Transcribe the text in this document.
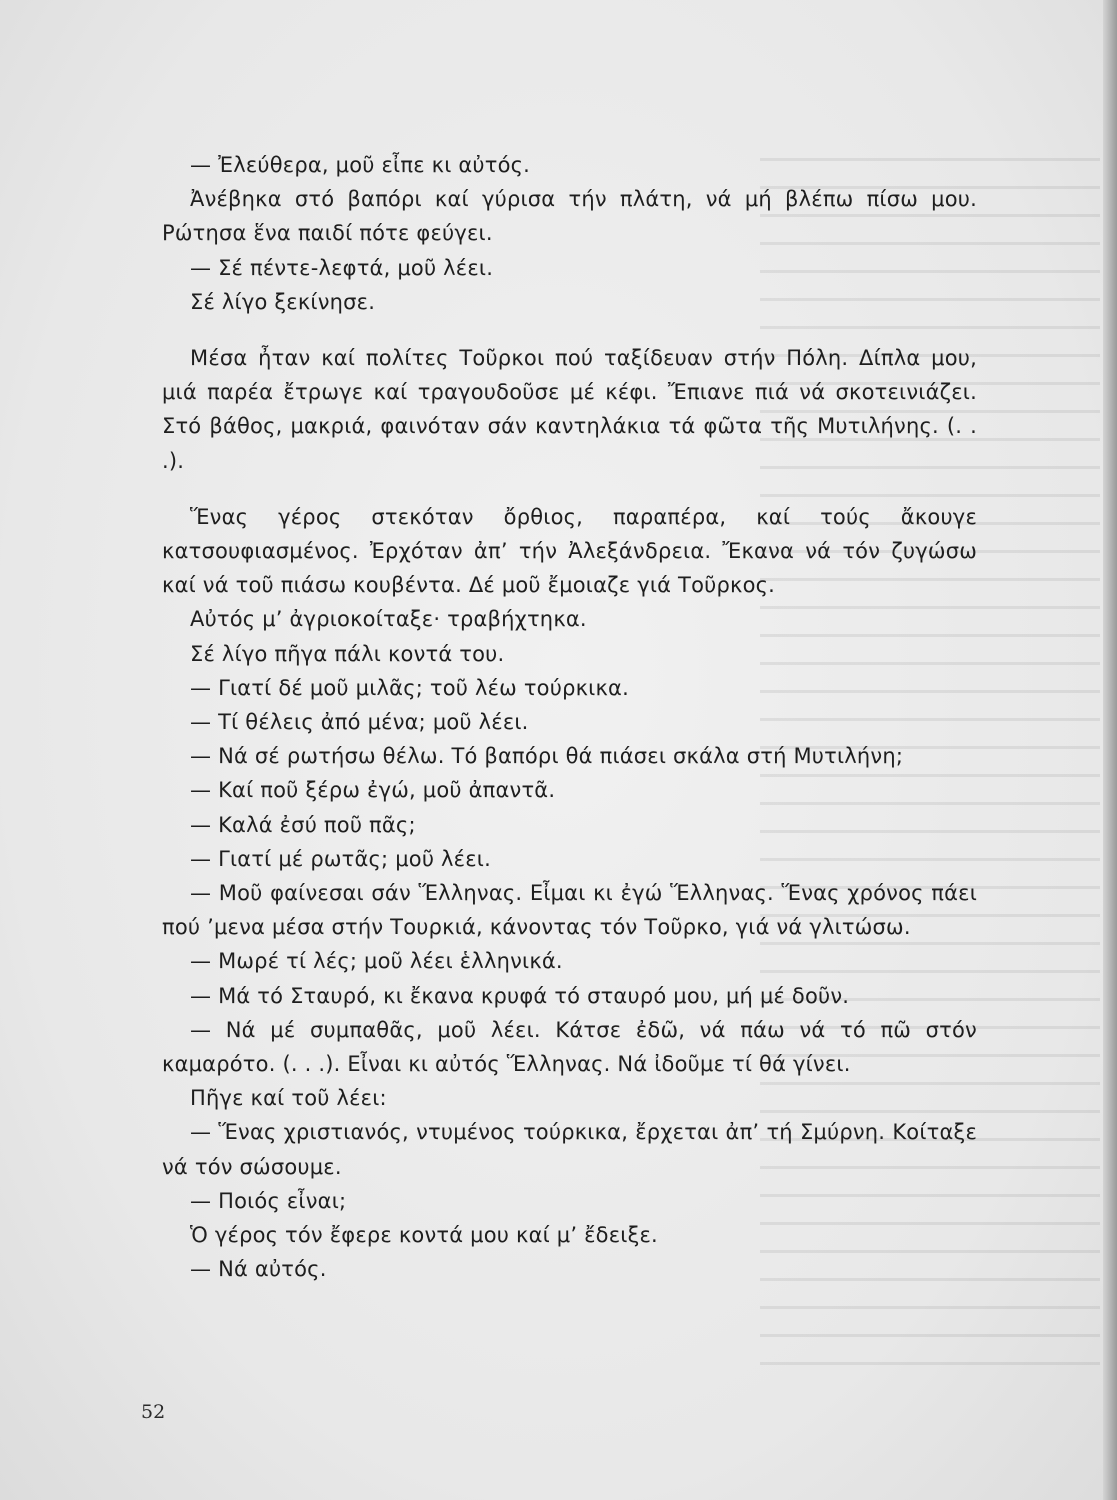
— Ἐλεύθερα, μοῦ εἶπε κι αὐτός.

Ἀνέβηκα στό βαπόρι καί γύρισα τήν πλάτη, νά μή βλέπω πίσω μου. Ρώτησα ἕνα παιδί πότε φεύγει.

— Σέ πέντε-λεφτά, μοῦ λέει.

Σέ λίγο ξεκίνησε.

Μέσα ἦταν καί πολίτες Τοῦρκοι πού ταξίδευαν στήν Πόλη. Δίπλα μου, μιά παρέα ἔτρωγε καί τραγουδοῦσε μέ κέφι. Ἔπιανε πιά νά σκοτεινιάζει. Στό βάθος, μακριά, φαινόταν σάν καντηλάκια τά φῶτα τῆς Μυτιλήνης. (. . .).

Ἕνας γέρος στεκόταν ὄρθιος, παραπέρα, καί τούς ἄκουγε κατσουφιασμένος. Ἐρχόταν ἀπ’ τήν Ἀλεξάνδρεια. Ἔκανα νά τόν ζυγώσω καί νά τοῦ πιάσω κουβέντα. Δέ μοῦ ἔμοιαζε γιά Τοῦρκος.

Αὐτός μ’ ἀγριοκοίταξε· τραβήχτηκα.

Σέ λίγο πῆγα πάλι κοντά του.

— Γιατί δέ μοῦ μιλᾶς; τοῦ λέω τούρκικα.

— Τί θέλεις ἀπό μένα; μοῦ λέει.

— Νά σέ ρωτήσω θέλω. Τό βαπόρι θά πιάσει σκάλα στή Μυτιλήνη;

— Καί ποῦ ξέρω ἐγώ, μοῦ ἀπαντᾶ.

— Καλά ἐσύ ποῦ πᾶς;

— Γιατί μέ ρωτᾶς; μοῦ λέει.

— Μοῦ φαίνεσαι σάν Ἕλληνας. Εἶμαι κι ἐγώ Ἕλληνας. Ἕνας χρόνος πάει πού ’μενα μέσα στήν Τουρκιά, κάνοντας τόν Τοῦρκο, γιά νά γλιτώσω.

— Μωρέ τί λές; μοῦ λέει ἑλληνικά.

— Μά τό Σταυρό, κι ἔκανα κρυφά τό σταυρό μου, μή μέ δοῦν.

— Νά μέ συμπαθᾶς, μοῦ λέει. Κάτσε ἐδῶ, νά πάω νά τό πῶ στόν καμαρότο. (. . .). Εἶναι κι αὐτός Ἕλληνας. Νά ἰδοῦμε τί θά γίνει.

Πῆγε καί τοῦ λέει:

— Ἕνας χριστιανός, ντυμένος τούρκικα, ἔρχεται ἀπ’ τή Σμύρνη. Κοίταξε νά τόν σώσουμε.

— Ποιός εἶναι;

Ὁ γέρος τόν ἔφερε κοντά μου καί μ’ ἔδειξε.

— Νά αὐτός.

52
